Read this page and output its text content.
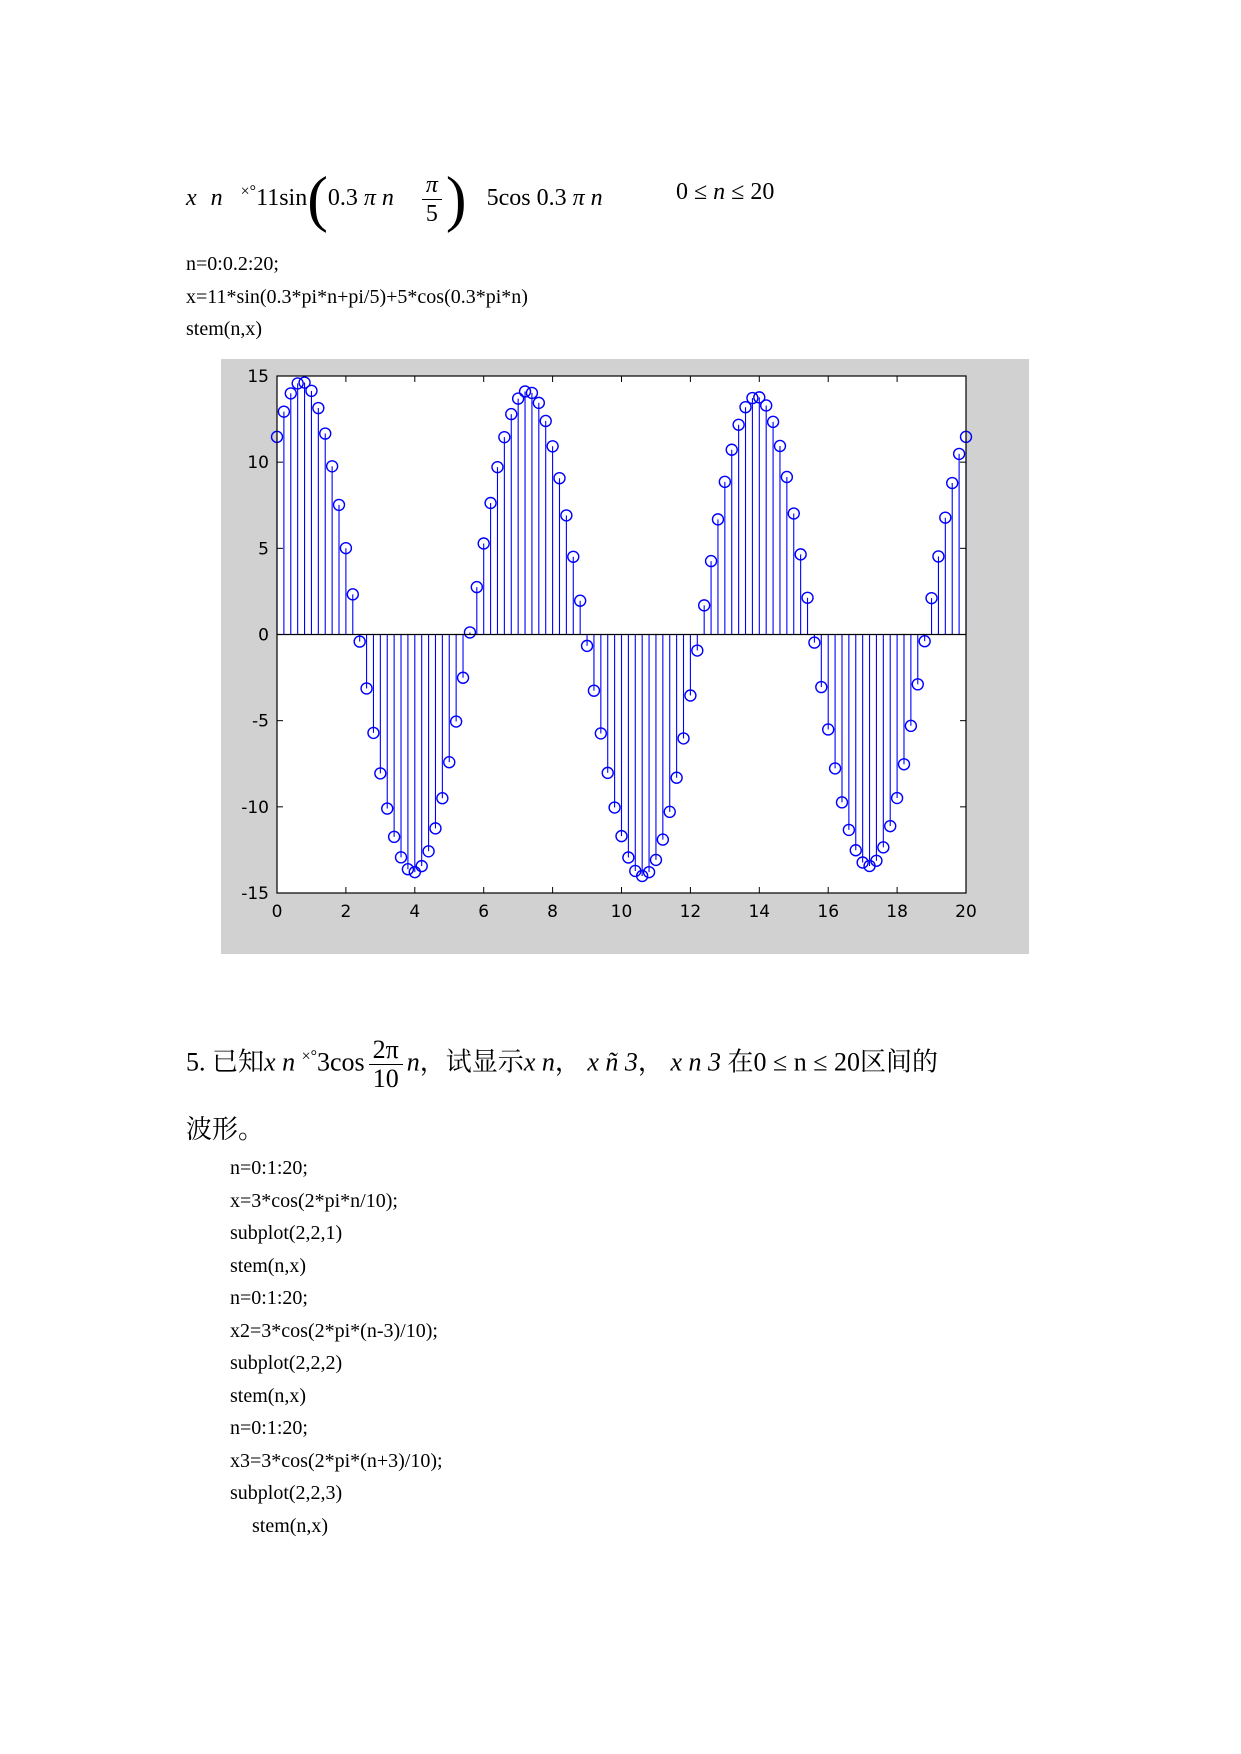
x n ×°11sin(0.3 π n $\frac{\pi}{5}$ ) 5cos 0.3 π n	0 ≤ n ≤ 20
n=0:0.2:20;
x=11*sin(0.3*pi*n+pi/5)+5*cos(0.3*pi*n)
stem(n,x)
0	2	4	6	8	10	12	14	16	18	20
15
10
5
0
-5
-10
-15
5. 已知x n $^{\times^\circ}3\cos \frac{2\pi}{10}$ n，试显示x n， x ñ 3， x n 3 在0 ≤ n ≤ 20区间的
波形。
n=0:1:20;
x=3*cos(2*pi*n/10);
subplot(2,2,1)
stem(n,x)
n=0:1:20;
x2=3*cos(2*pi*(n-3)/10);
subplot(2,2,2)
stem(n,x)
n=0:1:20;
x3=3*cos(2*pi*(n+3)/10);
subplot(2,2,3)
stem(n,x)
